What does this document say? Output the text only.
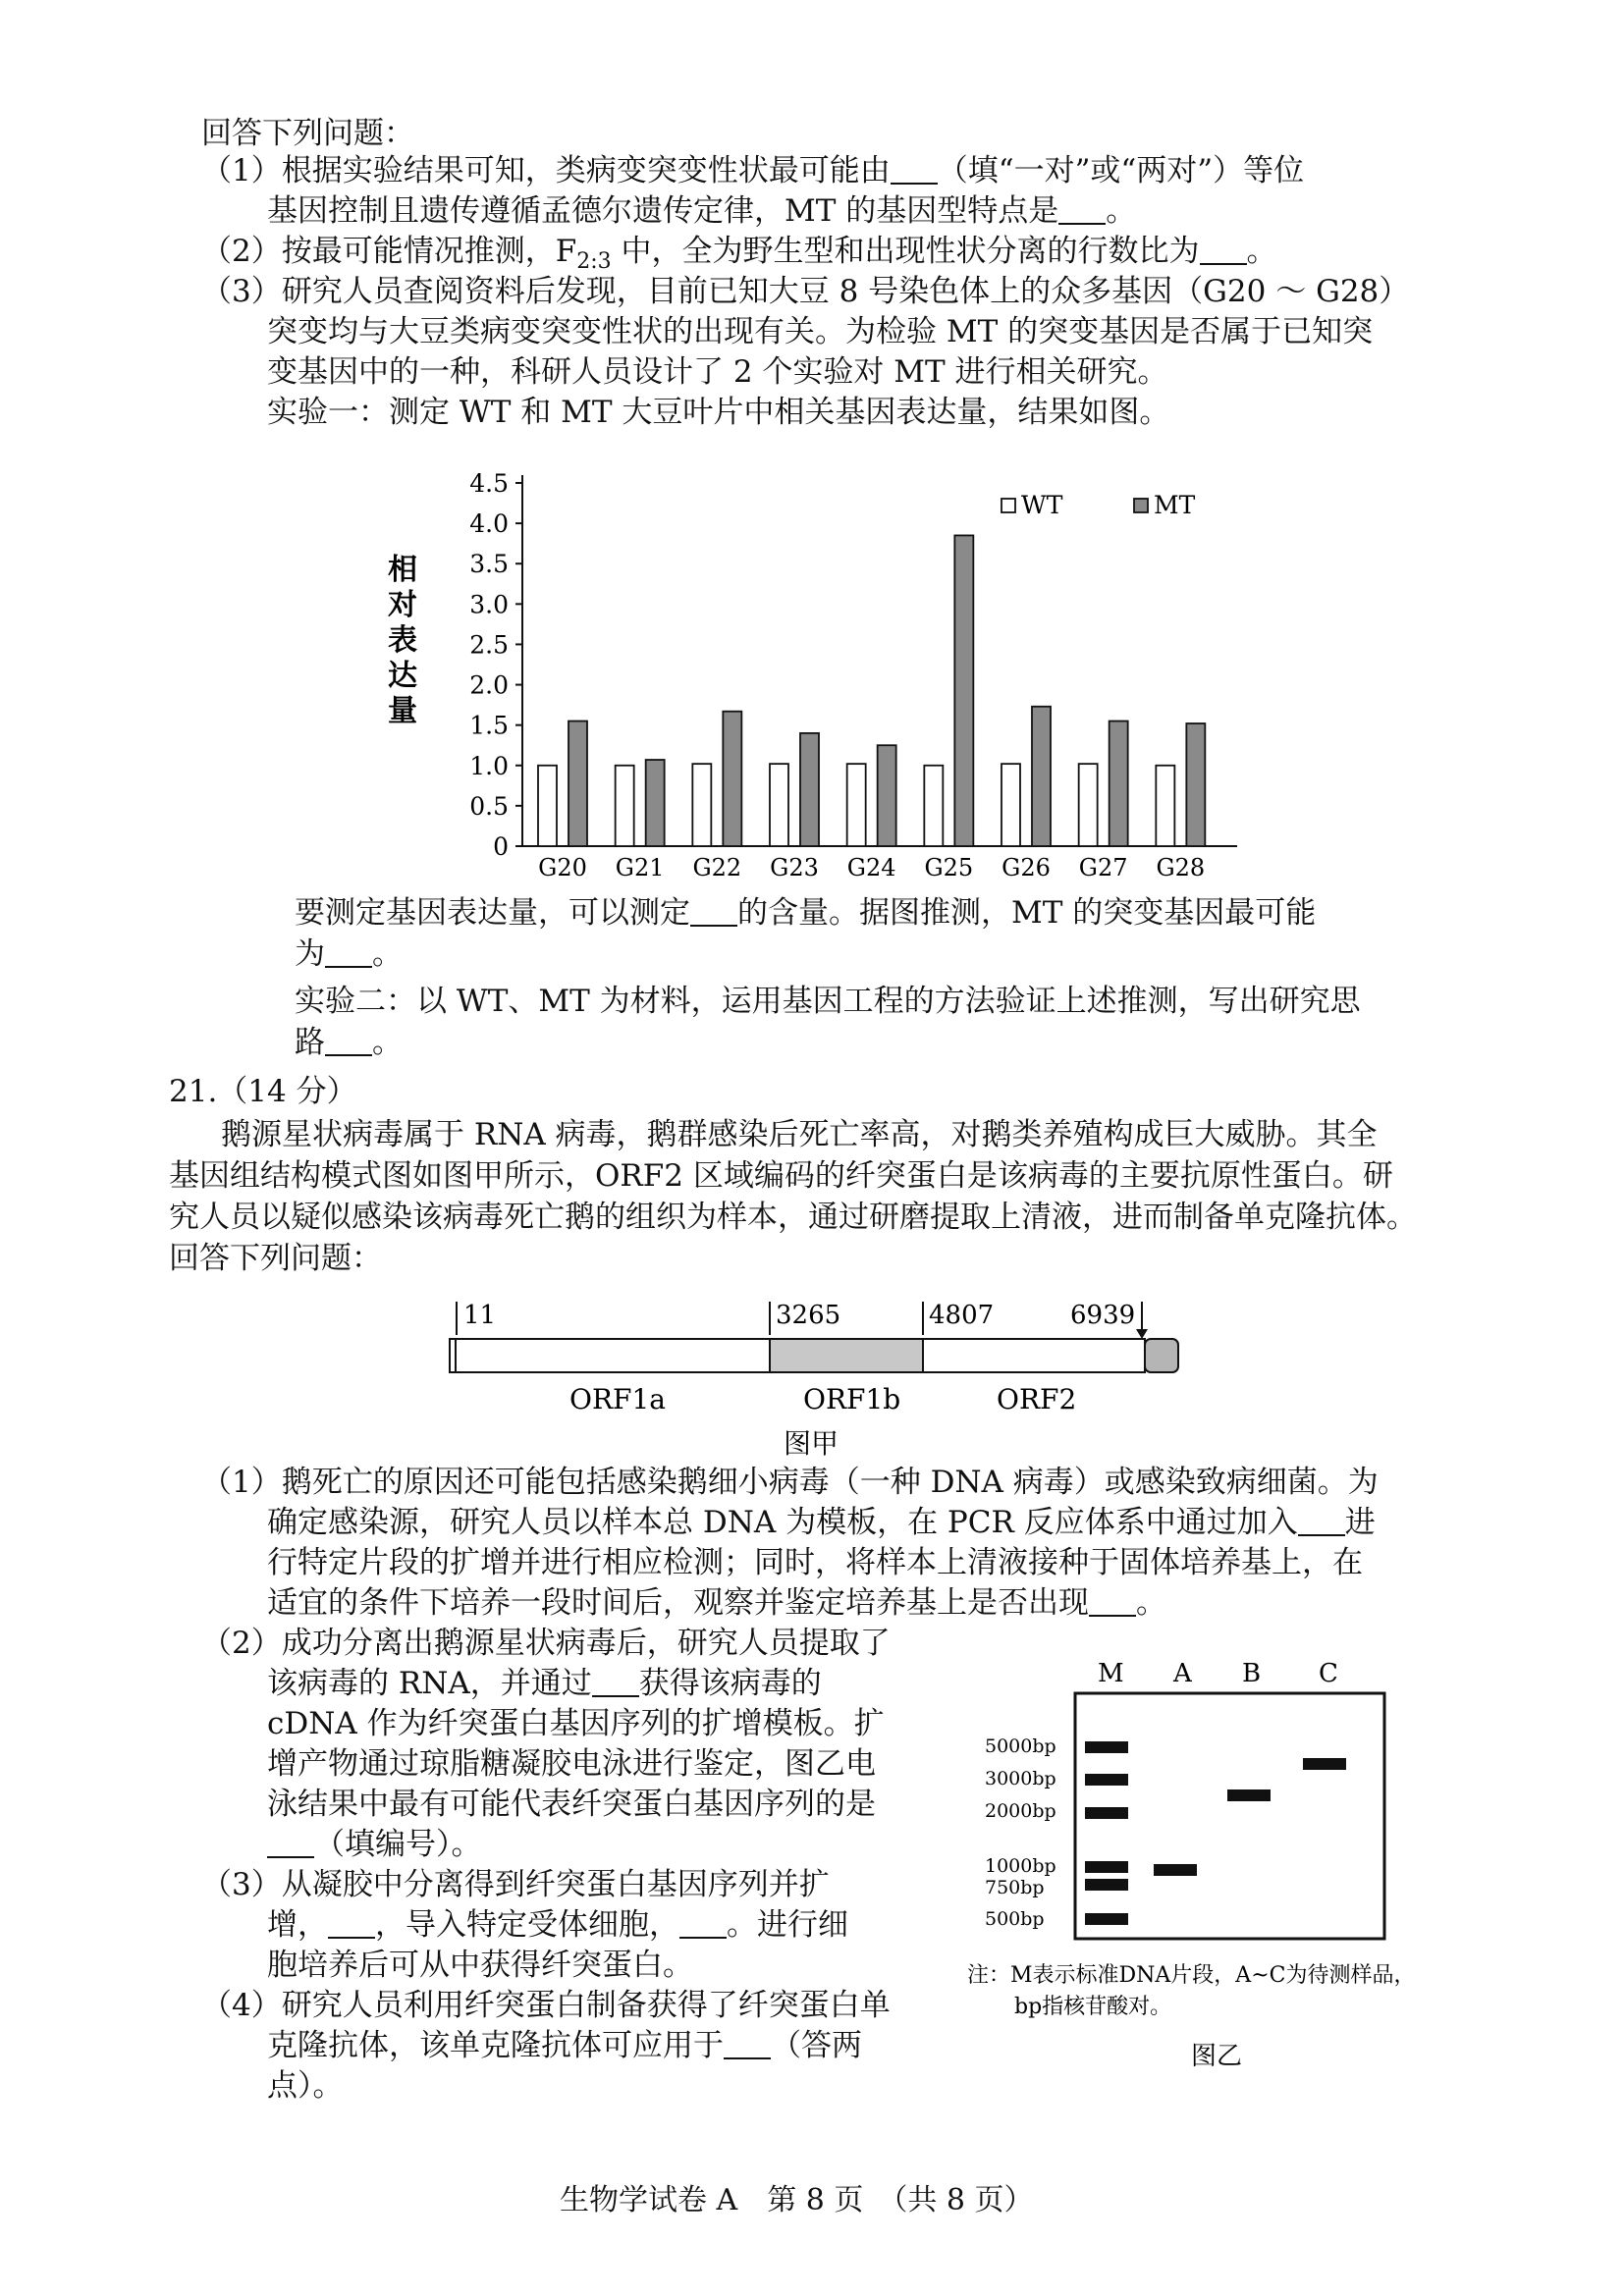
回答下列问题：
（1）根据实验结果可知，类病变突变性状最可能由 （填“一对”或“两对”）等位
基因控制且遗传遵循孟德尔遗传定律，MT 的基因型特点是 。
（2）按最可能情况推测，$F_{2:3}$ 中，全为野生型和出现性状分离的行数比为 。
（3）研究人员查阅资料后发现，目前已知大豆 8 号染色体上的众多基因（G20 ～ G28）
突变均与大豆类病变突变性状的出现有关。为检验 MT 的突变基因是否属于已知突
变基因中的一种，科研人员设计了 2 个实验对 MT 进行相关研究。
实验一：测定 WT 和 MT 大豆叶片中相关基因表达量，结果如图。
0
0.5
1.0
1.5
2.0
2.5
3.0
3.5
4.0
4.5
相
对
表
达
量
G20 G21 G22 G23 G24 G25 G26 G27 G28
WT	MT
要测定基因表达量，可以测定 的含量。据图推测，MT 的突变基因最可能
为 。
实验二：以 WT、MT 为材料，运用基因工程的方法验证上述推测，写出研究思
路 。
21.（14 分）
鹅源星状病毒属于 RNA 病毒，鹅群感染后死亡率高，对鹅类养殖构成巨大威胁。其全
基因组结构模式图如图甲所示，ORF2 区域编码的纤突蛋白是该病毒的主要抗原性蛋白。研
究人员以疑似感染该病毒死亡鹅的组织为样本，通过研磨提取上清液，进而制备单克隆抗体。
回答下列问题：
11	3265	4807	6939
ORF1a	ORF1b	ORF2
图甲
（1）鹅死亡的原因还可能包括感染鹅细小病毒（一种 DNA 病毒）或感染致病细菌。为
确定感染源，研究人员以样本总 DNA 为模板，在 PCR 反应体系中通过加入 进
行特定片段的扩增并进行相应检测；同时，将样本上清液接种于固体培养基上，在
适宜的条件下培养一段时间后，观察并鉴定培养基上是否出现 。
（2）成功分离出鹅源星状病毒后，研究人员提取了
该病毒的 RNA，并通过 获得该病毒的
cDNA 作为纤突蛋白基因序列的扩增模板。扩
增产物通过琼脂糖凝胶电泳进行鉴定，图乙电
泳结果中最有可能代表纤突蛋白基因序列的是
（填编号）。
（3）从凝胶中分离得到纤突蛋白基因序列并扩
增， ，导入特定受体细胞， 。进行细
胞培养后可从中获得纤突蛋白。
（4）研究人员利用纤突蛋白制备获得了纤突蛋白单
克隆抗体，该单克隆抗体可应用于 （答两
点）。
M A B C
5000bp
3000bp
2000bp
1000bp
750bp
500bp
注：M表示标准DNA片段，A~C为待测样品，
bp指核苷酸对。
图乙
生物学试卷 A　第 8 页　（共 8 页）
